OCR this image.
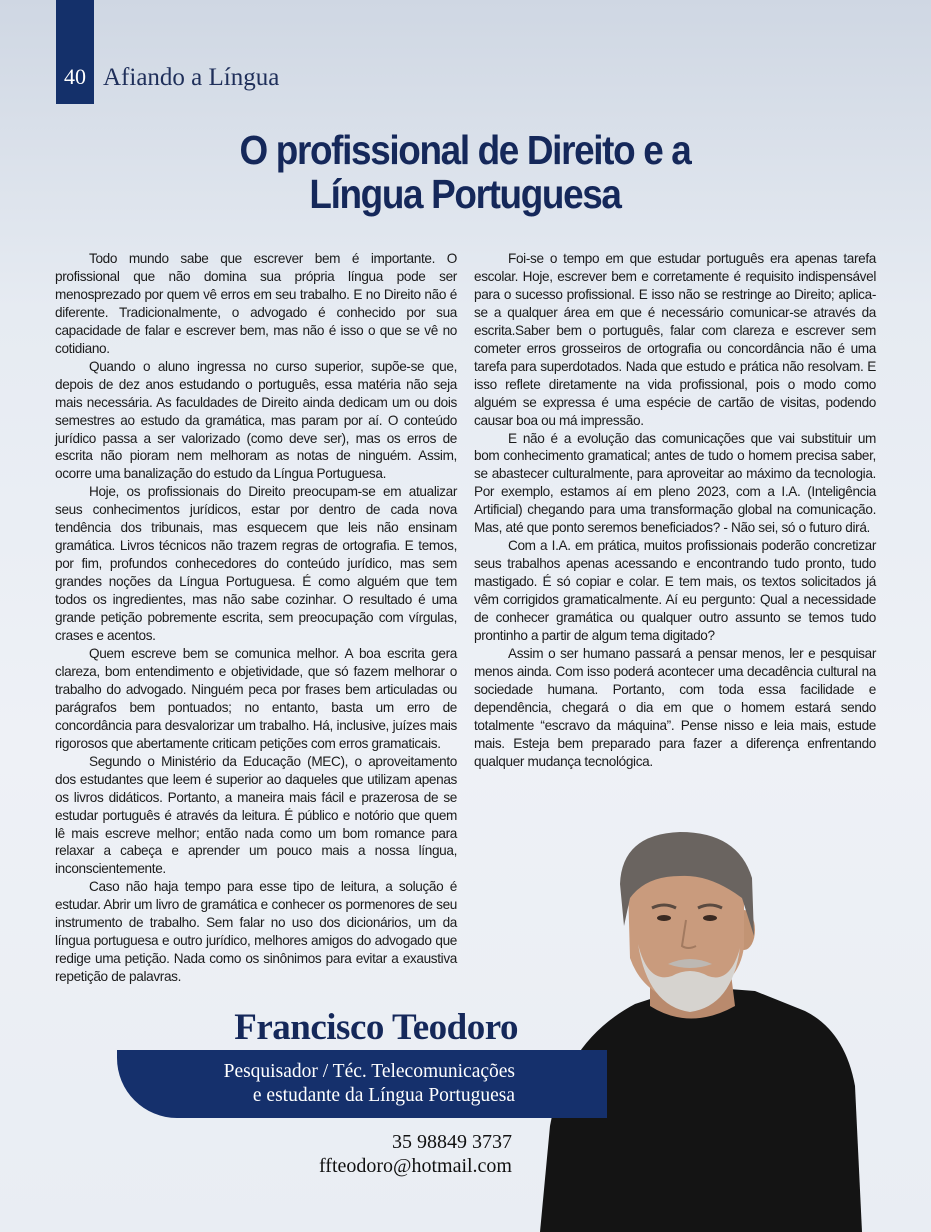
40 Afiando a Língua
O profissional de Direito e a
Língua Portuguesa

Todo mundo sabe que escrever bem é importante. O profissional que não domina sua própria língua pode ser menosprezado por quem vê erros em seu trabalho. E no Direito não é diferente. Tradicionalmente, o advogado é conhecido por sua capacidade de falar e escrever bem, mas não é isso o que se vê no cotidiano.

Quando o aluno ingressa no curso superior, supõe-se que, depois de dez anos estudando o português, essa matéria não seja mais necessária. As faculdades de Direito ainda dedicam um ou dois semestres ao estudo da gramática, mas param por aí. O conteúdo jurídico passa a ser valorizado (como deve ser), mas os erros de escrita não pioram nem melhoram as notas de ninguém. Assim, ocorre uma banalização do estudo da Língua Portuguesa.

Hoje, os profissionais do Direito preocupam-se em atualizar seus conhecimentos jurídicos, estar por dentro de cada nova tendência dos tribunais, mas esquecem que leis não ensinam gramática. Livros técnicos não trazem regras de ortografia. E temos, por fim, profundos conhecedores do conteúdo jurídico, mas sem grandes noções da Língua Portuguesa. É como alguém que tem todos os ingredientes, mas não sabe cozinhar. O resultado é uma grande petição pobremente escrita, sem preocupação com vírgulas, crases e acentos.

Quem escreve bem se comunica melhor. A boa escrita gera clareza, bom entendimento e objetividade, que só fazem melhorar o trabalho do advogado. Ninguém peca por frases bem articuladas ou parágrafos bem pontuados; no entanto, basta um erro de concordância para desvalorizar um trabalho. Há, inclusive, juízes mais rigorosos que abertamente criticam petições com erros gramaticais.

Segundo o Ministério da Educação (MEC), o aproveitamento dos estudantes que leem é superior ao daqueles que utilizam apenas os livros didáticos. Portanto, a maneira mais fácil e prazerosa de se estudar português é através da leitura. É público e notório que quem lê mais escreve melhor; então nada como um bom romance para relaxar a cabeça e aprender um pouco mais a nossa língua, inconscientemente.

Caso não haja tempo para esse tipo de leitura, a solução é estudar. Abrir um livro de gramática e conhecer os pormenores de seu instrumento de trabalho. Sem falar no uso dos dicionários, um da língua portuguesa e outro jurídico, melhores amigos do advogado que redige uma petição. Nada como os sinônimos para evitar a exaustiva repetição de palavras.

Foi-se o tempo em que estudar português era apenas tarefa escolar. Hoje, escrever bem e corretamente é requisito indispensável para o sucesso profissional. E isso não se restringe ao Direito; aplica-se a qualquer área em que é necessário comunicar-se através da escrita.Saber bem o português, falar com clareza e escrever sem cometer erros grosseiros de ortografia ou concordância não é uma tarefa para superdotados. Nada que estudo e prática não resolvam. E isso reflete diretamente na vida profissional, pois o modo como alguém se expressa é uma espécie de cartão de visitas, podendo causar boa ou má impressão.

E não é a evolução das comunicações que vai substituir um bom conhecimento gramatical; antes de tudo o homem precisa saber, se abastecer culturalmente, para aproveitar ao máximo da tecnologia. Por exemplo, estamos aí em pleno 2023, com a I.A. (Inteligência Artificial) chegando para uma transformação global na comunicação. Mas, até que ponto seremos beneficiados? - Não sei, só o futuro dirá.

Com a I.A. em prática, muitos profissionais poderão concretizar seus trabalhos apenas acessando e encontrando tudo pronto, tudo mastigado. É só copiar e colar. E tem mais, os textos solicitados já vêm corrigidos gramaticalmente. Aí eu pergunto: Qual a necessidade de conhecer gramática ou qualquer outro assunto se temos tudo prontinho a partir de algum tema digitado?

Assim o ser humano passará a pensar menos, ler e pesquisar menos ainda. Com isso poderá acontecer uma decadência cultural na sociedade humana. Portanto, com toda essa facilidade e dependência, chegará o dia em que o homem estará sendo totalmente “escravo da máquina”. Pense nisso e leia mais, estude mais. Esteja bem preparado para fazer a diferença enfrentando qualquer mudança tecnológica.

Francisco Teodoro
Pesquisador / Téc. Telecomunicações
e estudante da Língua Portuguesa
35 98849 3737
ffteodoro@hotmail.com
